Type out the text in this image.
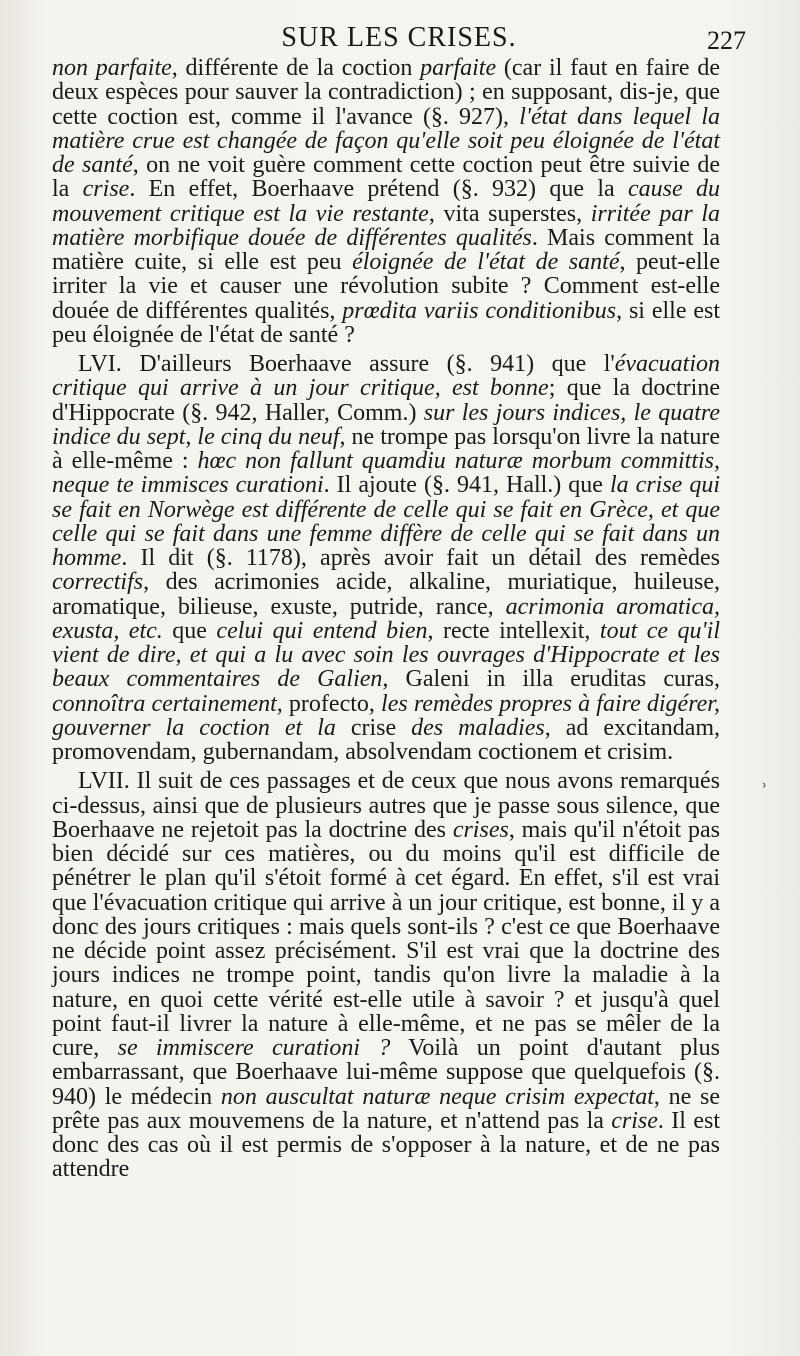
SUR LES CRISES.	227

non parfaite, différente de la coction parfaite (car il faut en faire de deux espèces pour sauver la contradiction) ; en supposant, dis-je, que cette coction est, comme il l'avance (§. 927), l'état dans lequel la matière crue est changée de façon qu'elle soit peu éloignée de l'état de santé, on ne voit guère comment cette coction peut être suivie de la crise. En effet, Boerhaave prétend (§. 932) que la cause du mouvement critique est la vie restante, vita superstes, irritée par la matière morbifique douée de différentes qualités. Mais comment la matière cuite, si elle est peu éloignée de l'état de santé, peut-elle irriter la vie et causer une révolution subite ? Comment est-elle douée de différentes qualités, prœdita variis conditionibus, si elle est peu éloignée de l'état de santé ?

LVI. D'ailleurs Boerhaave assure (§. 941) que l'évacuation critique qui arrive à un jour critique, est bonne; que la doctrine d'Hippocrate (§. 942, Haller, Comm.) sur les jours indices, le quatre indice du sept, le cinq du neuf, ne trompe pas lorsqu'on livre la nature à elle-même : hœc non fallunt quamdiu naturæ morbum committis, neque te immisces curationi. Il ajoute (§. 941, Hall.) que la crise qui se fait en Norwège est différente de celle qui se fait en Grèce, et que celle qui se fait dans une femme diffère de celle qui se fait dans un homme. Il dit (§. 1178), après avoir fait un détail des remèdes correctifs, des acrimonies acide, alkaline, muriatique, huileuse, aromatique, bilieuse, exuste, putride, rance, acrimonia aromatica, exusta, etc. que celui qui entend bien, recte intellexit, tout ce qu'il vient de dire, et qui a lu avec soin les ouvrages d'Hippocrate et les beaux commentaires de Galien, Galeni in illa eruditas curas, connoîtra certainement, profecto, les remèdes propres à faire digérer, gouverner la coction et la crise des maladies, ad excitandam, promovendam, gubernandam, absolvendam coctionem et crisim.

LVII. Il suit de ces passages et de ceux que nous avons remarqués ci-dessus, ainsi que de plusieurs autres que je passe sous silence, que Boerhaave ne rejetoit pas la doctrine des crises, mais qu'il n'étoit pas bien décidé sur ces matières, ou du moins qu'il est difficile de pénétrer le plan qu'il s'étoit formé à cet égard. En effet, s'il est vrai que l'évacuation critique qui arrive à un jour critique, est bonne, il y a donc des jours critiques : mais quels sont-ils ? c'est ce que Boerhaave ne décide point assez précisément. S'il est vrai que la doctrine des jours indices ne trompe point, tandis qu'on livre la maladie à la nature, en quoi cette vérité est-elle utile à savoir ? et jusqu'à quel point faut-il livrer la nature à elle-même, et ne pas se mêler de la cure, se immiscere curationi ? Voilà un point d'autant plus embarrassant, que Boerhaave lui-même suppose que quelquefois (§. 940) le médecin non auscultat naturæ neque crisim expectat, ne se prête pas aux mouvemens de la nature, et n'attend pas la crise. Il est donc des cas où il est permis de s'opposer à la nature, et de ne pas attendre

˒
